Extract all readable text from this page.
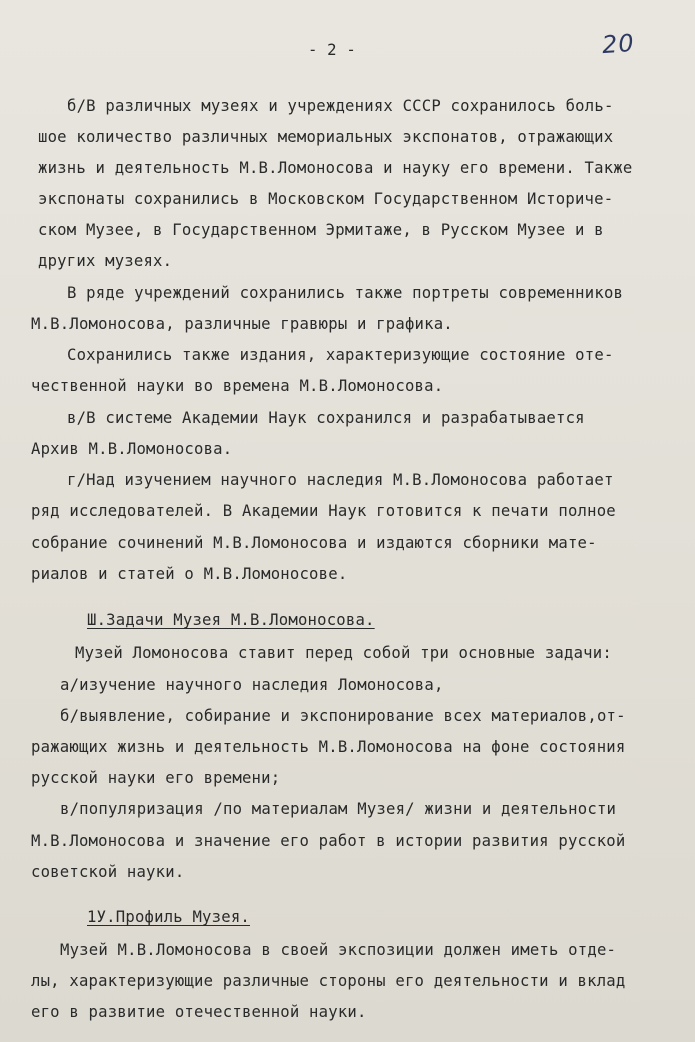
- 2 -	20
б/В различных музеях и учреждениях СССР сохранилось боль-
шое количество различных мемориальных экспонатов, отражающих
жизнь и деятельность М.В.Ломоносова и науку его времени. Также
экспонаты сохранились в Московском Государственном Историче-
ском Музее, в Государственном Эрмитаже, в Русском Музее и в
других музеях.
В ряде учреждений сохранились также портреты современников
М.В.Ломоносова, различные гравюры и графика.
Сохранились также издания, характеризующие состояние оте-
чественной науки во времена М.В.Ломоносова.
в/В системе Академии Наук сохранился и разрабатывается
Архив М.В.Ломоносова.
г/Над изучением научного наследия М.В.Ломоносова работает
ряд исследователей. В Академии Наук готовится к печати полное
собрание сочинений М.В.Ломоносова и издаются сборники мате-
риалов и статей о М.В.Ломоносове.
Ш.Задачи Музея М.В.Ломоносова.
Музей Ломоносова ставит перед собой три основные задачи:
а/изучение научного наследия Ломоносова,
б/выявление, собирание и экспонирование всех материалов,от-
ражающих жизнь и деятельность М.В.Ломоносова на фоне состояния
русской науки его времени;
в/популяризация /по материалам Музея/ жизни и деятельности
М.В.Ломоносова и значение его работ в истории развития русской
советской науки.
1У.Профиль Музея.
Музей М.В.Ломоносова в своей экспозиции должен иметь отде-
лы, характеризующие различные стороны его деятельности и вклад
его в развитие отечественной науки.
